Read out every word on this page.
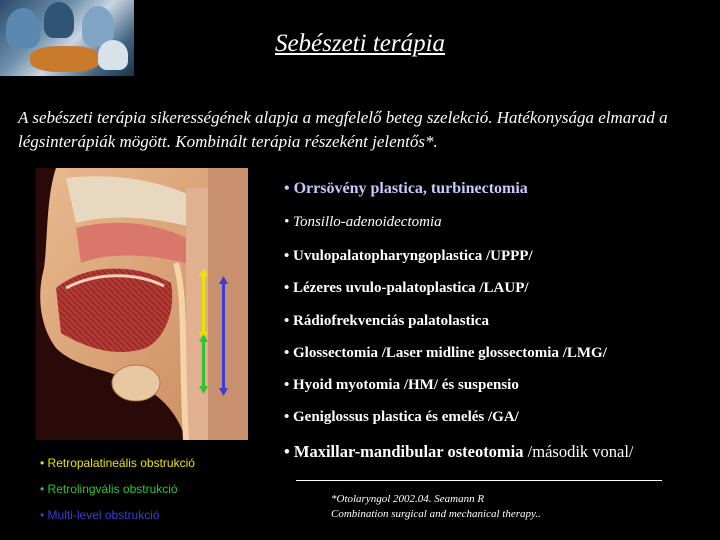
Sebészeti terápia
A sebészeti terápia sikerességének alapja a megfelelő beteg szelekció. Hatékonysága elmarad a légsinterápiák mögött. Kombinált terápia részeként jelentős*.
• Orrsövény plastica, turbinectomia
• Tonsillo-adenoidectomia
• Uvulopalatopharyngoplastica /UPPP/
• Lézeres uvulo-palatoplastica /LAUP/
• Rádiofrekvenciás palatolastica
• Glossectomia /Laser midline glossectomia /LMG/
• Hyoid myotomia /HM/ és suspensio
• Geniglossus plastica és emelés /GA/
• Maxillar-mandibular osteotomia /második vonal/
• Retropalatineális obstrukció
• Retrolingvális obstrukció
• Multi-level obstrukció
*Otolaryngol 2002.04. Seamann R
Combination surgical and mechanical therapy..
